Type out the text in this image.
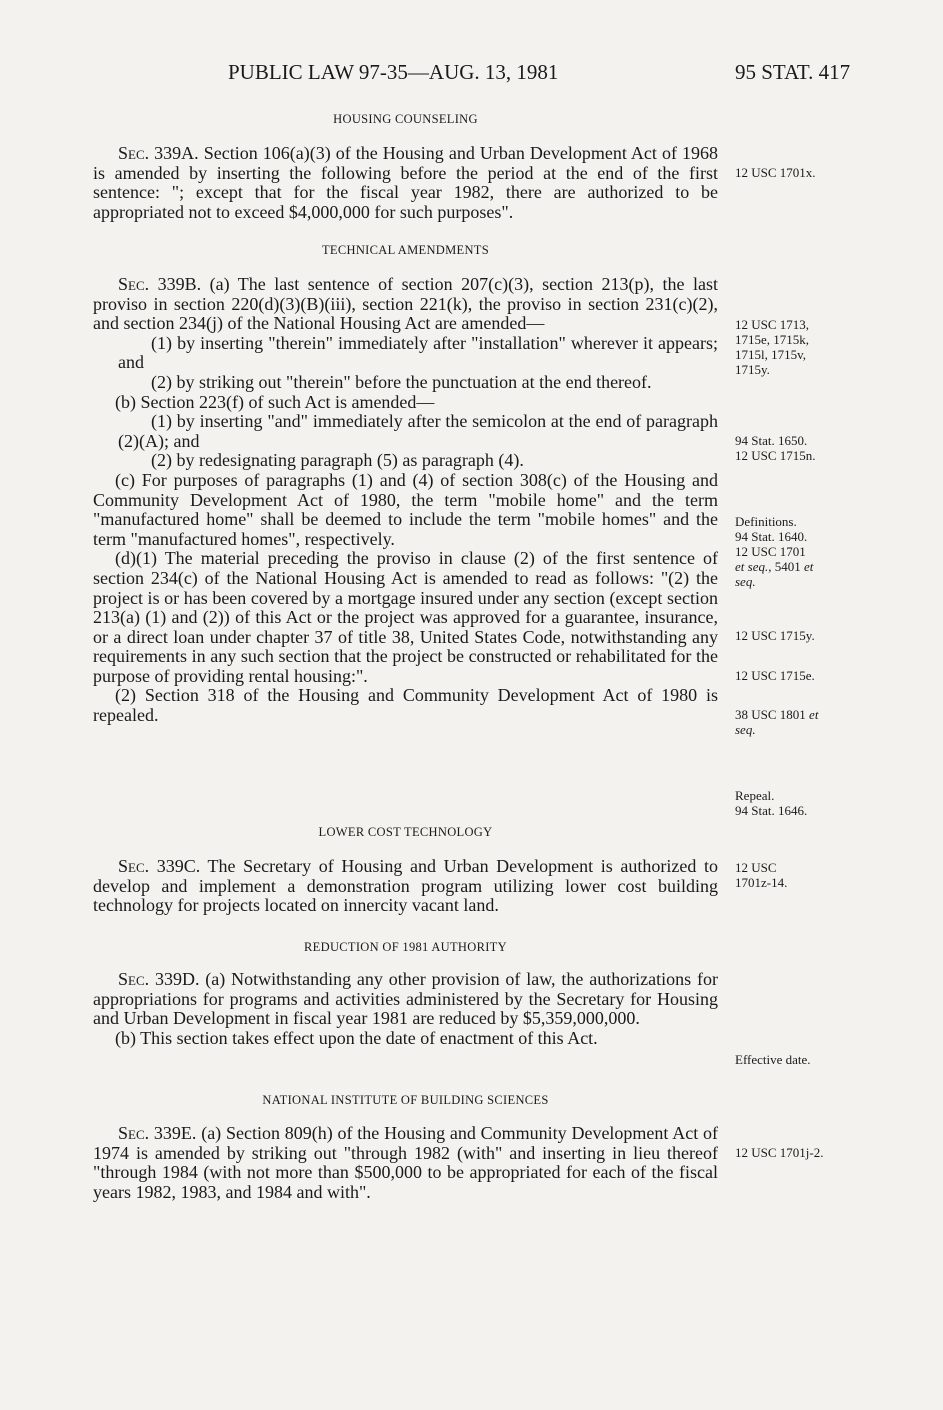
PUBLIC LAW 97-35—AUG. 13, 1981	95 STAT. 417
HOUSING COUNSELING

Sec. 339A. Section 106(a)(3) of the Housing and Urban Development Act of 1968 is amended by inserting the following before the period at the end of the first sentence: "; except that for the fiscal year 1982, there are authorized to be appropriated not to exceed $4,000,000 for such purposes".

12 USC 1701x.
TECHNICAL AMENDMENTS

Sec. 339B. (a) The last sentence of section 207(c)(3), section 213(p), the last proviso in section 220(d)(3)(B)(iii), section 221(k), the proviso in section 231(c)(2), and section 234(j) of the National Housing Act are amended—

(1) by inserting "therein" immediately after "installation" wherever it appears; and

(2) by striking out "therein" before the punctuation at the end thereof.

(b) Section 223(f) of such Act is amended—

(1) by inserting "and" immediately after the semicolon at the end of paragraph (2)(A); and

(2) by redesignating paragraph (5) as paragraph (4).

(c) For purposes of paragraphs (1) and (4) of section 308(c) of the Housing and Community Development Act of 1980, the term "mobile home" and the term "manufactured home" shall be deemed to include the term "mobile homes" and the term "manufactured homes", respectively.

(d)(1) The material preceding the proviso in clause (2) of the first sentence of section 234(c) of the National Housing Act is amended to read as follows: "(2) the project is or has been covered by a mortgage insured under any section (except section 213(a) (1) and (2)) of this Act or the project was approved for a guarantee, insurance, or a direct loan under chapter 37 of title 38, United States Code, notwithstanding any requirements in any such section that the project be constructed or rehabilitated for the purpose of providing rental housing:".

(2) Section 318 of the Housing and Community Development Act of 1980 is repealed.

12 USC 1713,
1715e, 1715k,
1715l, 1715v,
1715y.
94 Stat. 1650.
12 USC 1715n.
Definitions.
94 Stat. 1640.
12 USC 1701
et seq., 5401 et
seq.
12 USC 1715y.
12 USC 1715e.
38 USC 1801 et
seq.
Repeal.
94 Stat. 1646.
LOWER COST TECHNOLOGY

Sec. 339C. The Secretary of Housing and Urban Development is authorized to develop and implement a demonstration program utilizing lower cost building technology for projects located on innercity vacant land.

12 USC
1701z-14.
REDUCTION OF 1981 AUTHORITY

Sec. 339D. (a) Notwithstanding any other provision of law, the authorizations for appropriations for programs and activities administered by the Secretary for Housing and Urban Development in fiscal year 1981 are reduced by $5,359,000,000.

(b) This section takes effect upon the date of enactment of this Act.

Effective date.
NATIONAL INSTITUTE OF BUILDING SCIENCES

Sec. 339E. (a) Section 809(h) of the Housing and Community Development Act of 1974 is amended by striking out "through 1982 (with" and inserting in lieu thereof "through 1984 (with not more than $500,000 to be appropriated for each of the fiscal years 1982, 1983, and 1984 and with".

12 USC 1701j-2.
